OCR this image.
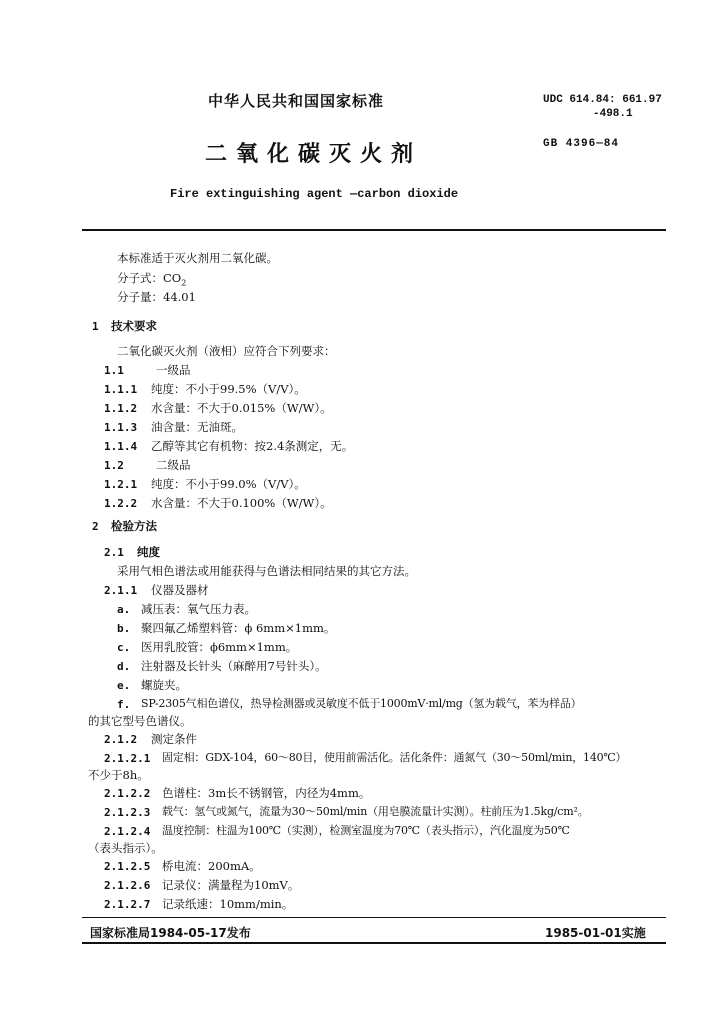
中华人民共和国国家标准
二氧化碳灭火剂
UDC 614.84: 661.97
-498.1
GB 4396—84
Fire extinguishing agent —carbon dioxide
本标准适于灭火剂用二氧化碳。
分子式：$CO_2$
分子量：44.01
1 技术要求
二氧化碳灭火剂（液相）应符合下列要求：
1.1	一级品
1.1.1 纯度：不小于99.5%（V/V）。
1.1.2 水含量：不大于0.015%（W/W）。
1.1.3 油含量：无油斑。
1.1.4 乙醇等其它有机物：按2.4条测定，无。
1.2	二级品
1.2.1 纯度：不小于99.0%（V/V）。
1.2.2 水含量：不大于0.100%（W/W）。
2 检验方法
2.1 纯度
采用气相色谱法或用能获得与色谱法相同结果的其它方法。
2.1.1 仪器及器材
a. 减压表：氧气压力表。
b. 聚四氟乙烯塑料管：ϕ 6mm×1mm。
c. 医用乳胶管：ϕ6mm×1mm。
d. 注射器及长针头（麻醉用7号针头）。
e. 螺旋夹。
f. SP-2305气相色谱仪，热导检测器或灵敏度不低于1000mV·ml/mg（氢为载气，苯为样品）
的其它型号色谱仪。
2.1.2 测定条件
2.1.2.1 固定相：GDX-104，60～80目，使用前需活化。活化条件：通氮气（30～50ml/min，140℃）
不少于8h。
2.1.2.2 色谱柱：3m长不锈钢管，内径为4mm。
2.1.2.3 载气：氢气或氮气，流量为30～50ml/min（用皂膜流量计实测）。柱前压为1.5kg/cm²。
2.1.2.4 温度控制：柱温为100℃（实测），检测室温度为70℃（表头指示），汽化温度为50℃
（表头指示）。
2.1.2.5 桥电流：200mA。
2.1.2.6 记录仪：满量程为10mV。
2.1.2.7 记录纸速：10mm/min。
国家标准局1984-05-17发布	1985-01-01实施
